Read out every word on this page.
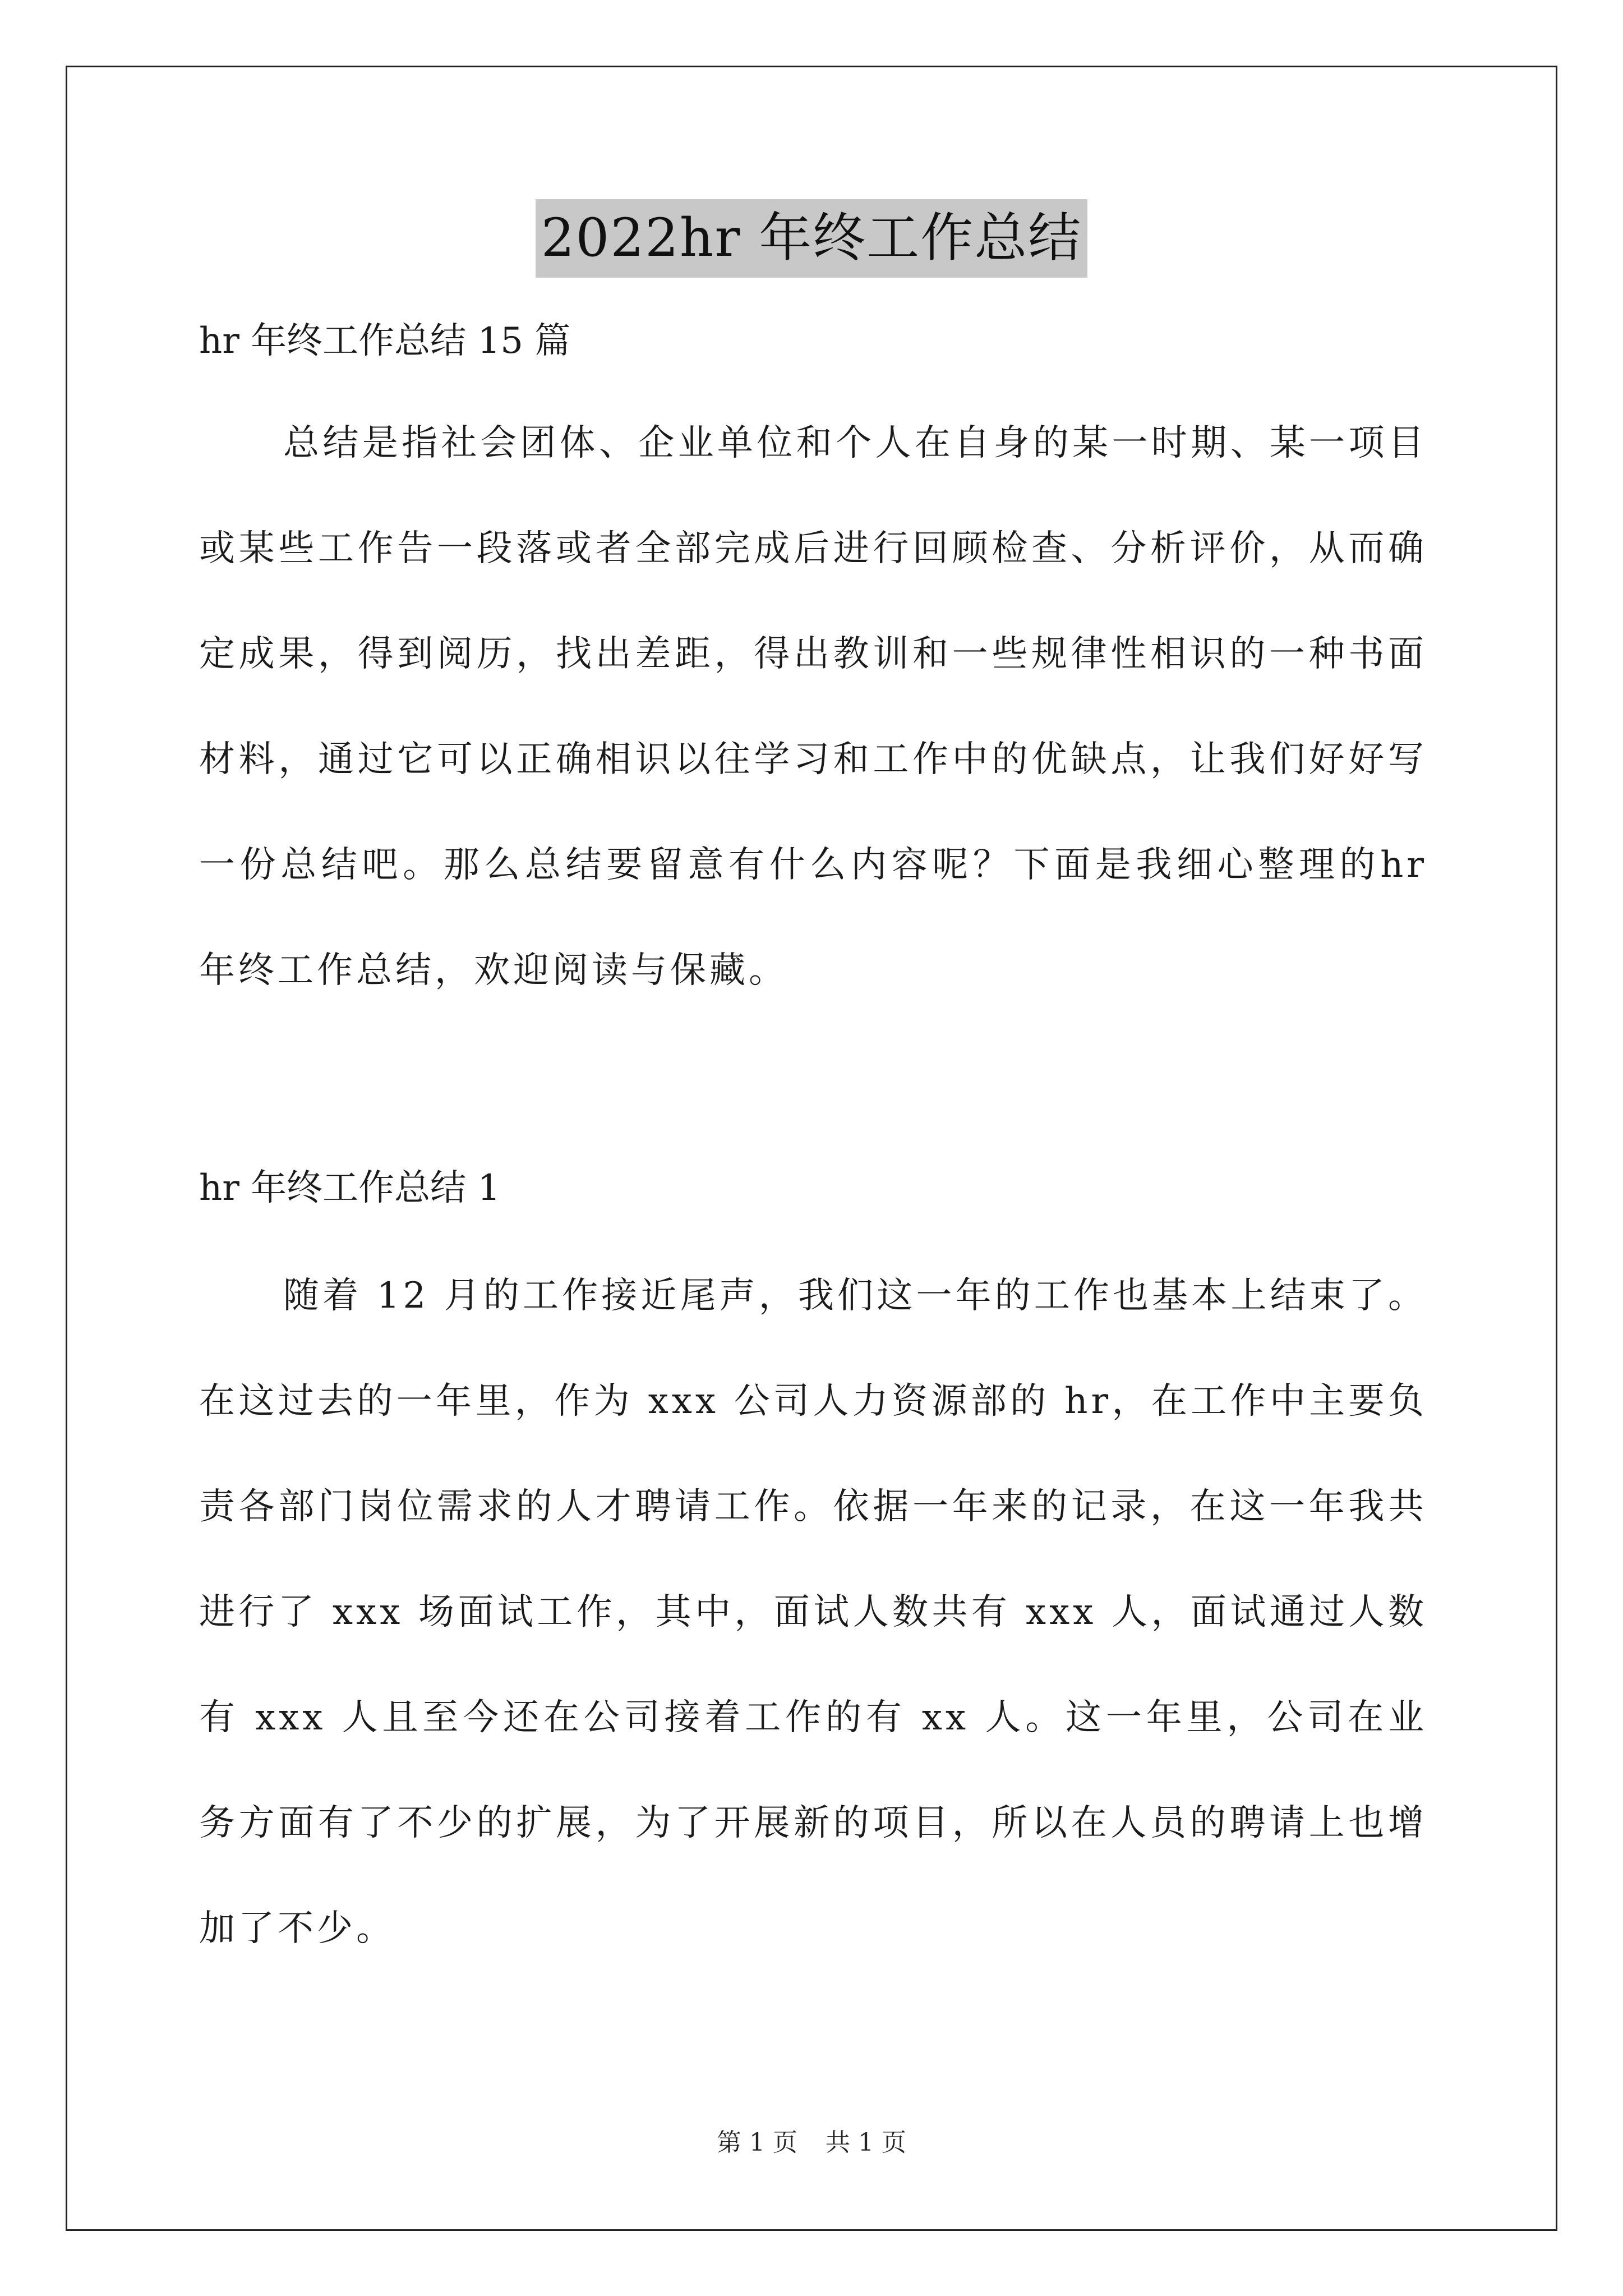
2022hr 年终工作总结

hr 年终工作总结 15 篇

总结是指社会团体、企业单位和个人在自身的某一时期、某一项目或某些工作告一段落或者全部完成后进行回顾检查、分析评价，从而确定成果，得到阅历，找出差距，得出教训和一些规律性相识的一种书面材料，通过它可以正确相识以往学习和工作中的优缺点，让我们好好写一份总结吧。那么总结要留意有什么内容呢？下面是我细心整理的hr 年终工作总结，欢迎阅读与保藏。

hr 年终工作总结 1

随着 12 月的工作接近尾声，我们这一年的工作也基本上结束了。在这过去的一年里，作为 xxx 公司人力资源部的 hr，在工作中主要负责各部门岗位需求的人才聘请工作。依据一年来的记录，在这一年我共进行了 xxx 场面试工作，其中，面试人数共有 xxx 人，面试通过人数有 xxx 人且至今还在公司接着工作的有 xx 人。这一年里，公司在业务方面有了不少的扩展，为了开展新的项目，所以在人员的聘请上也增加了不少。

第 1 页 共 1 页
